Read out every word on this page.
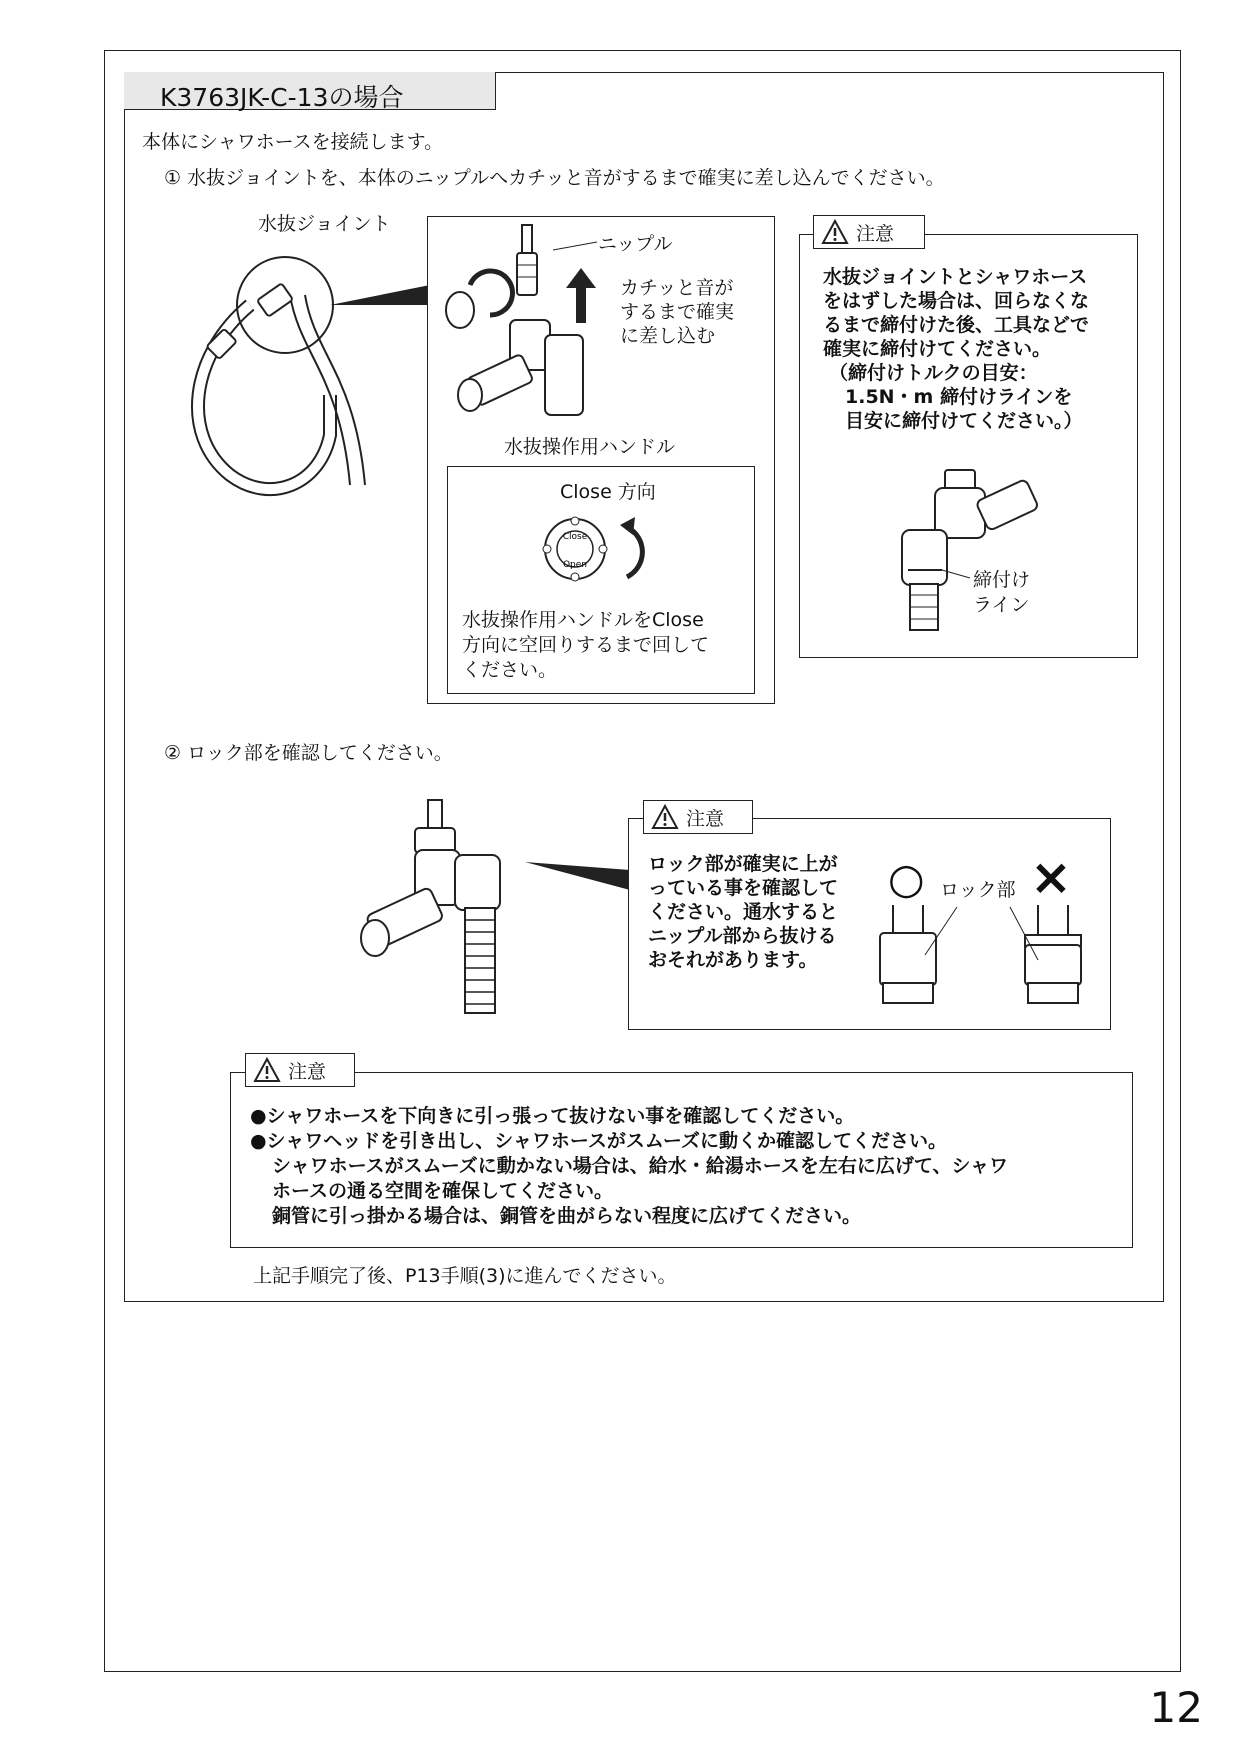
K3763JK-C-13の場合
本体にシャワホースを接続します。
① 水抜ジョイントを、本体のニップルへカチッと音がするまで確実に差し込んでください。
水抜ジョイント
ニップル
カチッと音が
するまで確実
に差し込む
水抜操作用ハンドル
Close 方向
Close
Open
水抜操作用ハンドルをClose
方向に空回りするまで回して
ください。
注意
水抜ジョイントとシャワホース
をはずした場合は、回らなくな
るまで締付けた後、工具などで
確実に締付けてください。
（締付けトルクの目安：
1.5N・m 締付けラインを
目安に締付けてください。）
締付け
ライン
② ロック部を確認してください。
注意
ロック部が確実に上が
っている事を確認して
ください。通水すると
ニップル部から抜ける
おそれがあります。
○ ×
ロック部
注意
●シャワホースを下向きに引っ張って抜けない事を確認してください。
●シャワヘッドを引き出し、シャワホースがスムーズに動くか確認してください。
シャワホースがスムーズに動かない場合は、給水・給湯ホースを左右に広げて、シャワ
ホースの通る空間を確保してください。
銅管に引っ掛かる場合は、銅管を曲がらない程度に広げてください。
上記手順完了後、P13手順(3)に進んでください。
12
